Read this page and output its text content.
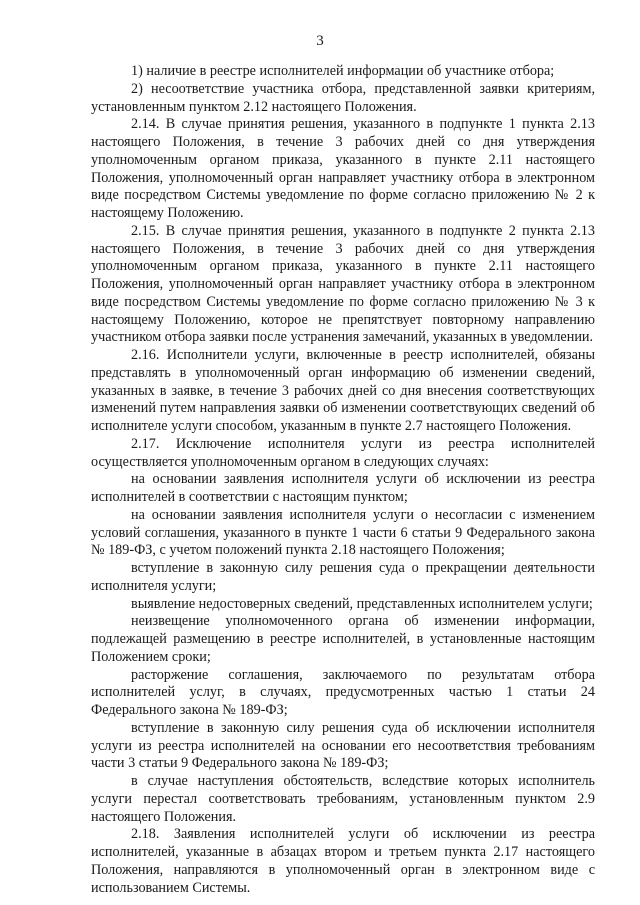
3

1) наличие в реестре исполнителей информации об участнике отбора;

2) несоответствие участника отбора, представленной заявки критериям, установленным пунктом 2.12 настоящего Положения.

2.14. В случае принятия решения, указанного в подпункте 1 пункта 2.13 настоящего Положения, в течение 3 рабочих дней со дня утверждения уполномоченным органом приказа, указанного в пункте 2.11 настоящего Положения, уполномоченный орган направляет участнику отбора в электронном виде посредством Системы уведомление по форме согласно приложению № 2 к настоящему Положению.

2.15. В случае принятия решения, указанного в подпункте 2 пункта 2.13 настоящего Положения, в течение 3 рабочих дней со дня утверждения уполномоченным органом приказа, указанного в пункте 2.11 настоящего Положения, уполномоченный орган направляет участнику отбора в электронном виде посредством Системы уведомление по форме согласно приложению № 3 к настоящему Положению, которое не препятствует повторному направлению участником отбора заявки после устранения замечаний, указанных в уведомлении.

2.16. Исполнители услуги, включенные в реестр исполнителей, обязаны представлять в уполномоченный орган информацию об изменении сведений, указанных в заявке, в течение 3 рабочих дней со дня внесения соответствующих изменений путем направления заявки об изменении соответствующих сведений об исполнителе услуги способом, указанным в пункте 2.7 настоящего Положения.

2.17. Исключение исполнителя услуги из реестра исполнителей осуществляется уполномоченным органом в следующих случаях:

на основании заявления исполнителя услуги об исключении из реестра исполнителей в соответствии с настоящим пунктом;

на основании заявления исполнителя услуги о несогласии с изменением условий соглашения, указанного в пункте 1 части 6 статьи 9 Федерального закона № 189-ФЗ, с учетом положений пункта 2.18 настоящего Положения;

вступление в законную силу решения суда о прекращении деятельности исполнителя услуги;

выявление недостоверных сведений, представленных исполнителем услуги;

неизвещение уполномоченного органа об изменении информации, подлежащей размещению в реестре исполнителей, в установленные настоящим Положением сроки;

расторжение соглашения, заключаемого по результатам отбора исполнителей услуг, в случаях, предусмотренных частью 1 статьи 24 Федерального закона № 189-ФЗ;

вступление в законную силу решения суда об исключении исполнителя услуги из реестра исполнителей на основании его несоответствия требованиям части 3 статьи 9 Федерального закона № 189-ФЗ;

в случае наступления обстоятельств, вследствие которых исполнитель услуги перестал соответствовать требованиям, установленным пунктом 2.9 настоящего Положения.

2.18. Заявления исполнителей услуги об исключении из реестра исполнителей, указанные в абзацах втором и третьем пункта 2.17 настоящего Положения, направляются в уполномоченный орган в электронном виде с использованием Системы.
